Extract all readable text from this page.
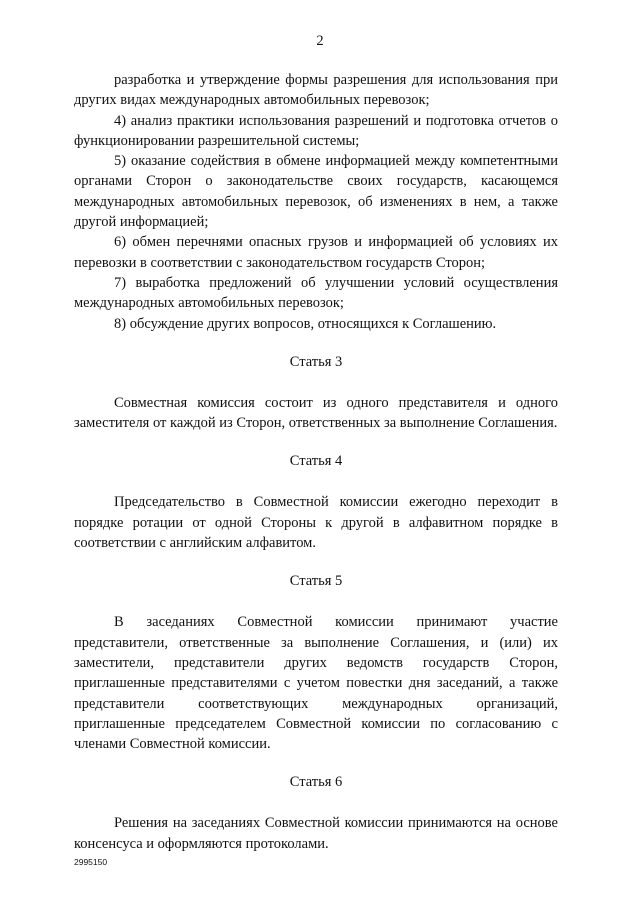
2

разработка и утверждение формы разрешения для использования при других видах международных автомобильных перевозок;

4) анализ практики использования разрешений и подготовка отчетов о функционировании разрешительной системы;

5) оказание содействия в обмене информацией между компетентными органами Сторон о законодательстве своих государств, касающемся международных автомобильных перевозок, об изменениях в нем, а также другой информацией;

6) обмен перечнями опасных грузов и информацией об условиях их перевозки в соответствии с законодательством государств Сторон;

7) выработка предложений об улучшении условий осуществления международных автомобильных перевозок;

8) обсуждение других вопросов, относящихся к Соглашению.

Статья 3

Совместная комиссия состоит из одного представителя и одного заместителя от каждой из Сторон, ответственных за выполнение Соглашения.

Статья 4

Председательство в Совместной комиссии ежегодно переходит в порядке ротации от одной Стороны к другой в алфавитном порядке в соответствии с английским алфавитом.

Статья 5

В заседаниях Совместной комиссии принимают участие представители, ответственные за выполнение Соглашения, и (или) их заместители, представители других ведомств государств Сторон, приглашенные представителями с учетом повестки дня заседаний, а также представители соответствующих международных организаций, приглашенные председателем Совместной комиссии по согласованию с членами Совместной комиссии.

Статья 6

Решения на заседаниях Совместной комиссии принимаются на основе консенсуса и оформляются протоколами.

2995150
